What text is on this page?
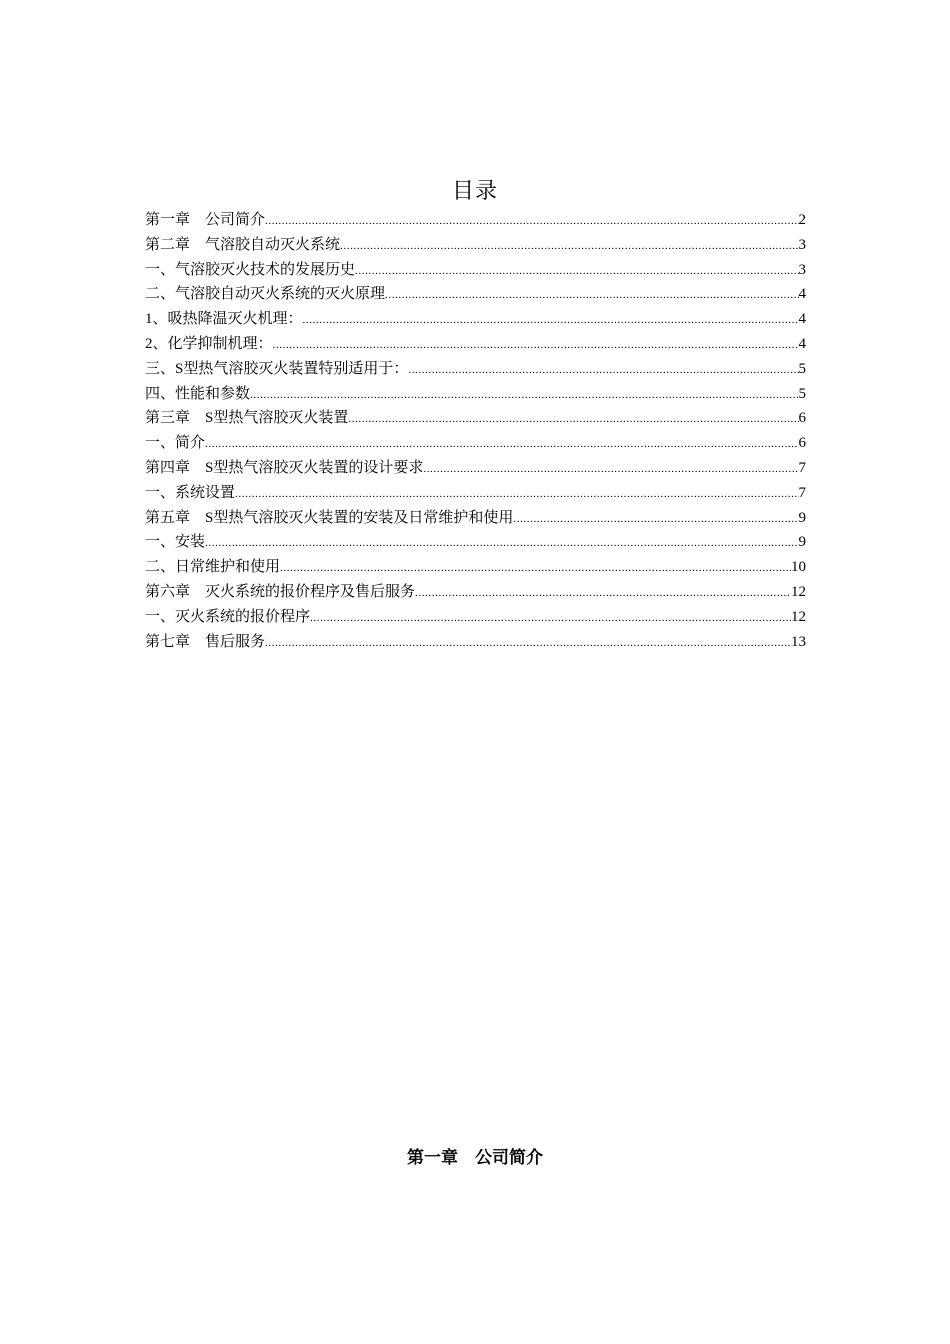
目录
第一章　公司简介 .....	2
第二章　气溶胶自动灭火系统 .....	3
一、气溶胶灭火技术的发展历史 .....	3
二、气溶胶自动灭火系统的灭火原理 .....	4
1、吸热降温灭火机理： .....	4
2、化学抑制机理： .....	4
三、S型热气溶胶灭火装置特别适用于： .....	5
四、性能和参数 .....	5
第三章　S型热气溶胶灭火装置 .....	6
一、简介 .....	6
第四章　S型热气溶胶灭火装置的设计要求 .....	7
一、系统设置 .....	7
第五章　S型热气溶胶灭火装置的安装及日常维护和使用 .....	9
一、安装 .....	9
二、日常维护和使用 .....	10
第六章　灭火系统的报价程序及售后服务 .....	12
一、灭火系统的报价程序 .....	12
第七章　售后服务 .....	13
第一章　公司简介
